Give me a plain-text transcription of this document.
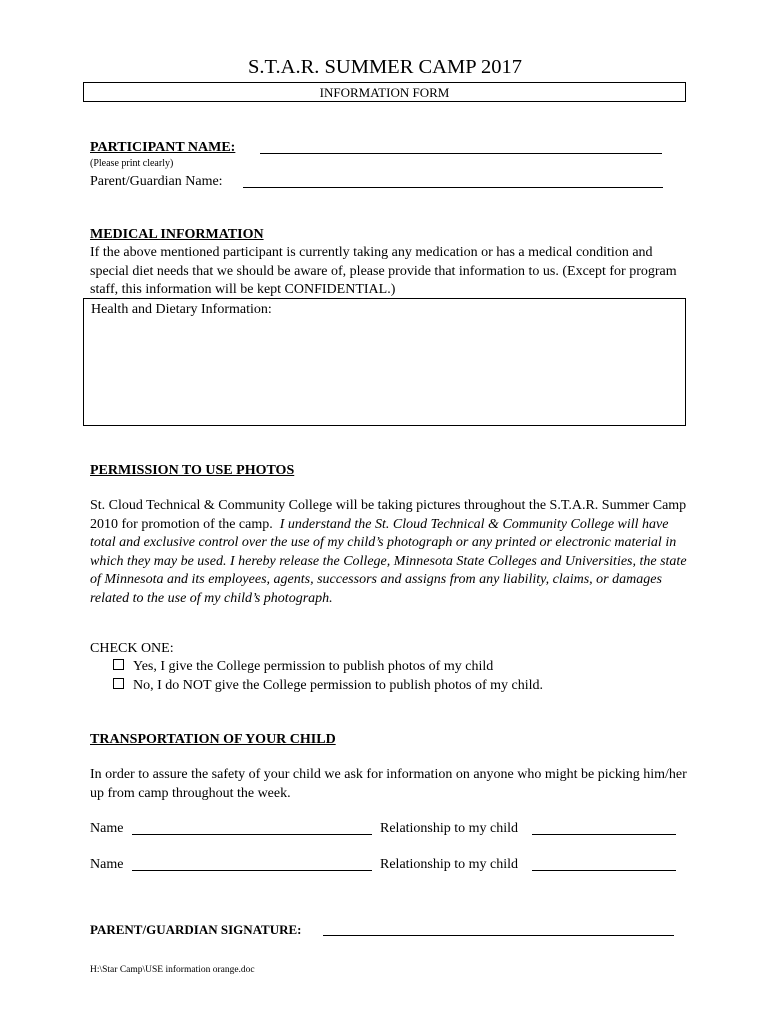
S.T.A.R. SUMMER CAMP 2017
INFORMATION FORM
PARTICIPANT NAME:
(Please print clearly)
Parent/Guardian Name:
MEDICAL INFORMATION
If the above mentioned participant is currently taking any medication or has a medical condition and special diet needs that we should be aware of, please provide that information to us. (Except for program staff, this information will be kept CONFIDENTIAL.)
Health and Dietary Information:
PERMISSION TO USE PHOTOS
St. Cloud Technical & Community College will be taking pictures throughout the S.T.A.R. Summer Camp 2010 for promotion of the camp. I understand the St. Cloud Technical & Community College will have total and exclusive control over the use of my child’s photograph or any printed or electronic material in which they may be used. I hereby release the College, Minnesota State Colleges and Universities, the state of Minnesota and its employees, agents, successors and assigns from any liability, claims, or damages related to the use of my child’s photograph.
CHECK ONE:
Yes, I give the College permission to publish photos of my child
No, I do NOT give the College permission to publish photos of my child.
TRANSPORTATION OF YOUR CHILD
In order to assure the safety of your child we ask for information on anyone who might be picking him/her up from camp throughout the week.
Name	Relationship to my child
Name	Relationship to my child
PARENT/GUARDIAN SIGNATURE:
H:\Star Camp\USE information orange.doc
